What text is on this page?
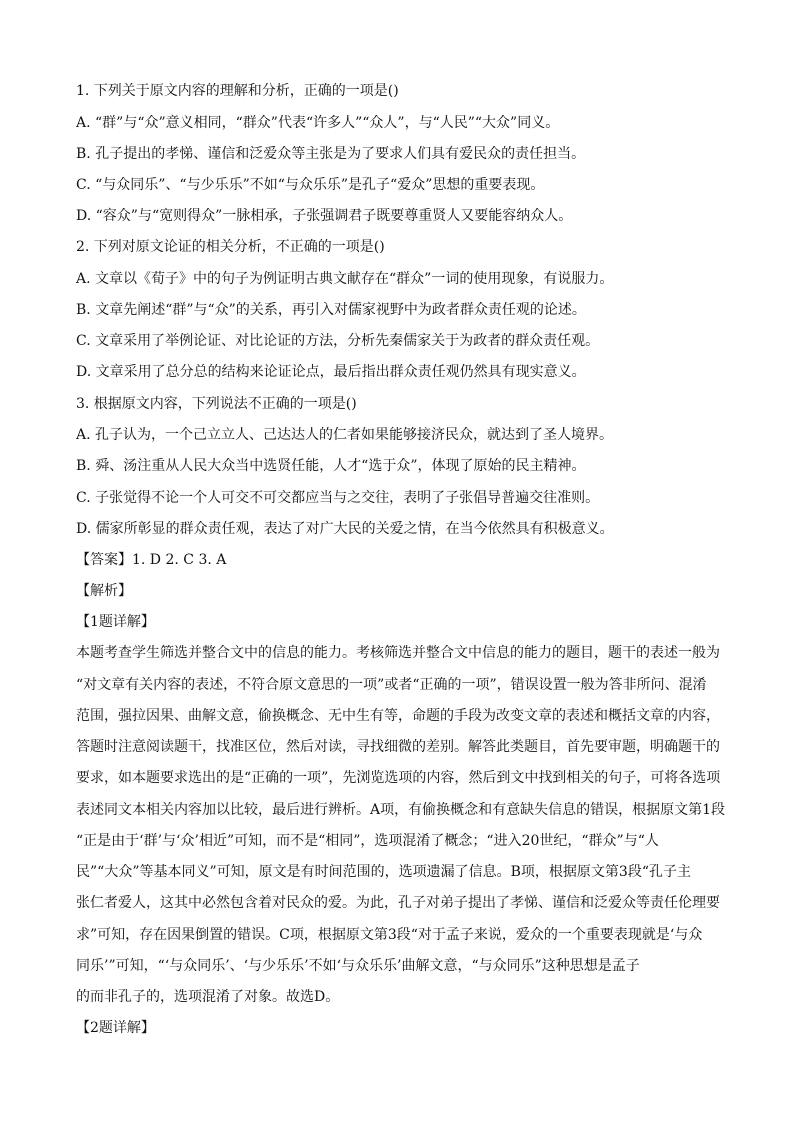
1. 下列关于原文内容的理解和分析，正确的一项是()
A. “群”与“众”意义相同，“群众”代表“许多人”“众人”，与“人民”“大众”同义。
B. 孔子提出的孝悌、谨信和泛爱众等主张是为了要求人们具有爱民众的责任担当。
C. “与众同乐”、“与少乐乐”不如“与众乐乐”是孔子“爱众”思想的重要表现。
D. “容众”与“宽则得众”一脉相承，子张强调君子既要尊重贤人又要能容纳众人。
2. 下列对原文论证的相关分析，不正确的一项是()
A. 文章以《荀子》中的句子为例证明古典文献存在“群众”一词的使用现象，有说服力。
B. 文章先阐述“群”与“众”的关系，再引入对儒家视野中为政者群众责任观的论述。
C. 文章采用了举例论证、对比论证的方法，分析先秦儒家关于为政者的群众责任观。
D. 文章采用了总分总的结构来论证论点，最后指出群众责任观仍然具有现实意义。
3. 根据原文内容，下列说法不正确的一项是()
A. 孔子认为，一个己立立人、己达达人的仁者如果能够接济民众，就达到了圣人境界。
B. 舜、汤注重从人民大众当中选贤任能，人才“选于众”，体现了原始的民主精神。
C. 子张觉得不论一个人可交不可交都应当与之交往，表明了子张倡导普遍交往准则。
D. 儒家所彰显的群众责任观，表达了对广大民的关爱之情，在当今依然具有积极意义。
【答案】1. D 2. C 3. A
【解析】
【1题详解】
本题考查学生筛选并整合文中的信息的能力。考核筛选并整合文中信息的能力的题目，题干的表述一般为
“对文章有关内容的表述，不符合原文意思的一项”或者“正确的一项”，错误设置一般为答非所问、混淆
范围，强拉因果、曲解文意，偷换概念、无中生有等，命题的手段为改变文章的表述和概括文章的内容，
答题时注意阅读题干，找准区位，然后对读，寻找细微的差别。解答此类题目，首先要审题，明确题干的
要求，如本题要求选出的是“正确的一项”，先浏览选项的内容，然后到文中找到相关的句子，可将各选项
表述同文本相关内容加以比较，最后进行辨析。A项，有偷换概念和有意缺失信息的错误，根据原文第1段
“正是由于‘群’与‘众’相近”可知，而不是“相同”，选项混淆了概念；“进入20世纪，“群众”与“人
民”“大众”等基本同义”可知，原文是有时间范围的，选项遗漏了信息。B项，根据原文第3段“孔子主
张仁者爱人，这其中必然包含着对民众的爱。为此，孔子对弟子提出了孝悌、谨信和泛爱众等责任伦理要
求”可知，存在因果倒置的错误。C项，根据原文第3段“对于孟子来说，爱众的一个重要表现就是‘与众
同乐’”可知，“‘与众同乐’、‘与少乐乐’不如‘与众乐乐’曲解文意，“与众同乐”这种思想是孟子
的而非孔子的，选项混淆了对象。故选D。
【2题详解】
